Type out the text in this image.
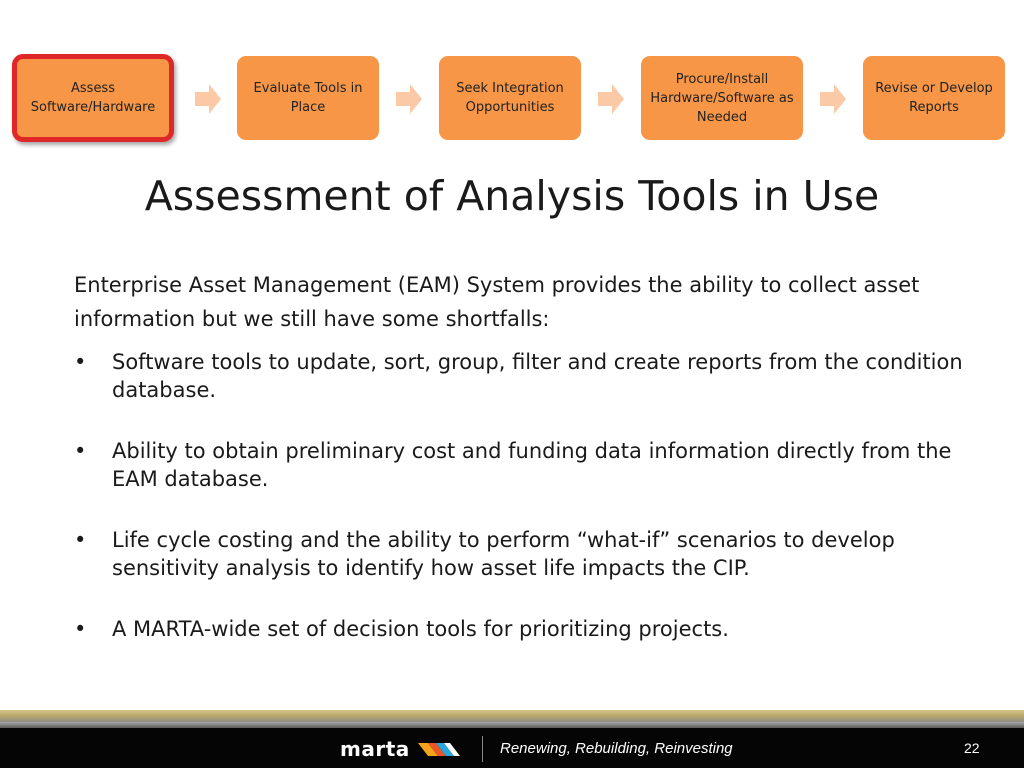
Assess Software/Hardware
Evaluate Tools in Place
Seek Integration Opportunities
Procure/Install Hardware/Software as Needed
Revise or Develop Reports
Assessment of Analysis Tools in Use
Enterprise Asset Management (EAM) System provides the ability to collect asset information but we still have some shortfalls:
• Software tools to update, sort, group, filter and create reports from the condition database.
• Ability to obtain preliminary cost and funding data information directly from the EAM database.
• Life cycle costing and the ability to perform “what-if” scenarios to develop sensitivity analysis to identify how asset life impacts the CIP.
• A MARTA-wide set of decision tools for prioritizing projects.
marta	Renewing, Rebuilding, Reinvesting	22
